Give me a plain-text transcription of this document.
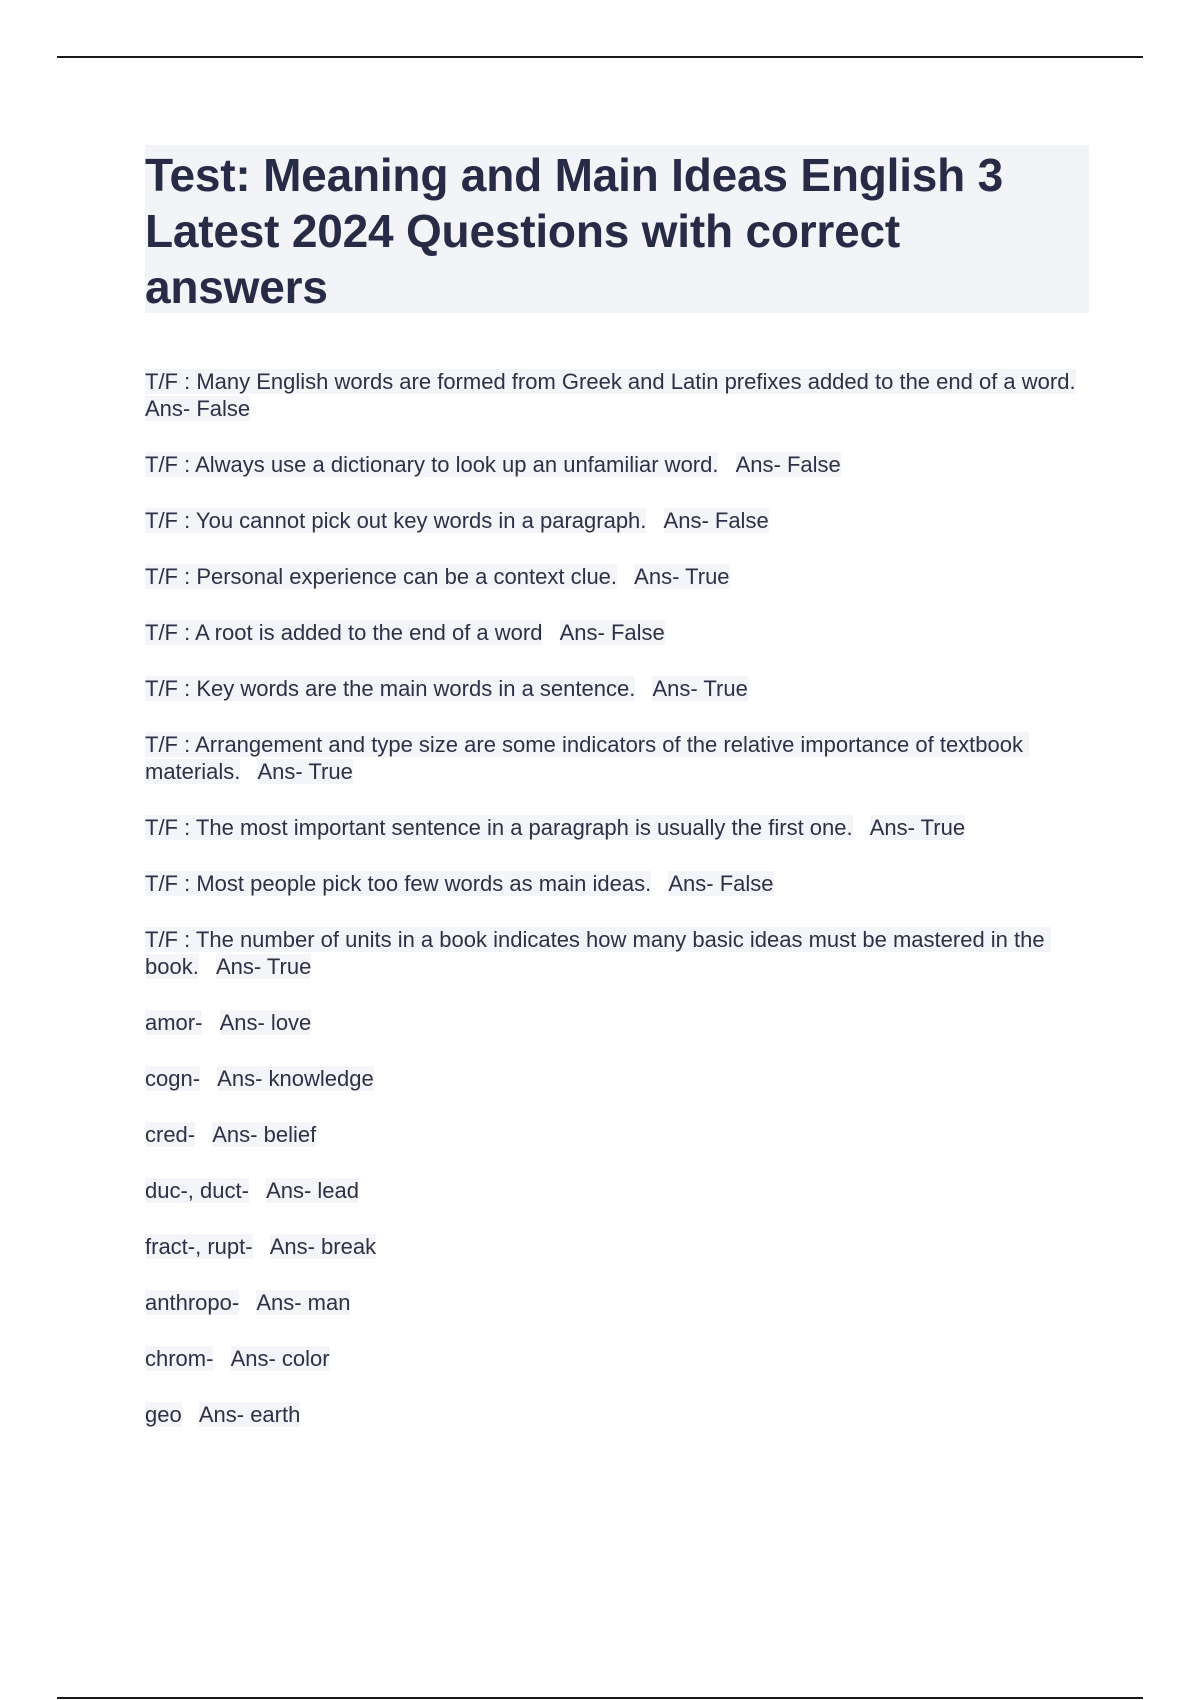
Test: Meaning and Main Ideas English 3 Latest 2024 Questions with correct answers

T/F : Many English words are formed from Greek and Latin prefixes added to the end of a word.   Ans- False

T/F : Always use a dictionary to look up an unfamiliar word. Ans- False

T/F : You cannot pick out key words in a paragraph. Ans- False

T/F : Personal experience can be a context clue. Ans- True

T/F : A root is added to the end of a word Ans- False

T/F : Key words are the main words in a sentence. Ans- True

T/F : Arrangement and type size are some indicators of the relative importance of textbook materials. Ans- True

T/F : The most important sentence in a paragraph is usually the first one. Ans- True

T/F : Most people pick too few words as main ideas. Ans- False

T/F : The number of units in a book indicates how many basic ideas must be mastered in the book. Ans- True

amor- Ans- love

cogn- Ans- knowledge

cred- Ans- belief

duc-, duct- Ans- lead

fract-, rupt- Ans- break

anthropo- Ans- man

chrom- Ans- color

geo Ans- earth
